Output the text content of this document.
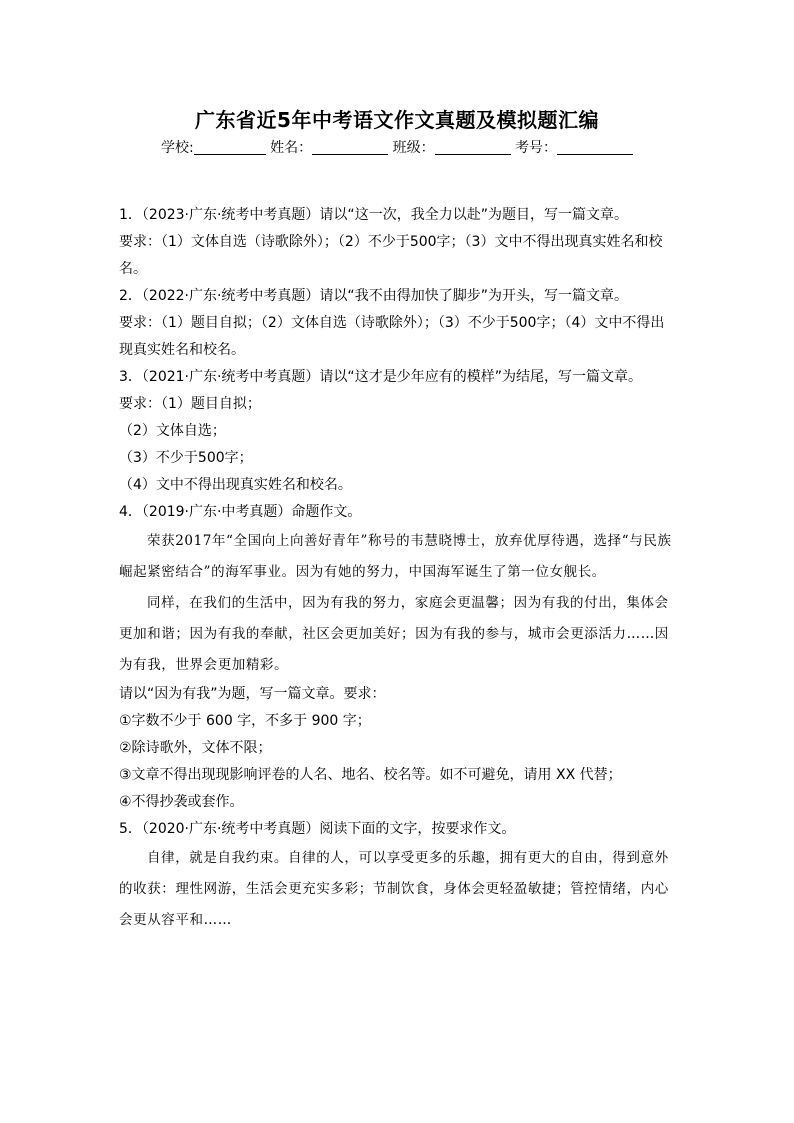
广东省近5年中考语文作文真题及模拟题汇编
学校:	姓名：	班级：	考号：

1．（2023·广东·统考中考真题）请以“这一次，我全力以赴”为题目，写一篇文章。

要求：（1）文体自选（诗歌除外）；（2）不少于500字；（3）文中不得出现真实姓名和校名。

2．（2022·广东·统考中考真题）请以“我不由得加快了脚步”为开头，写一篇文章。

要求：（1）题目自拟；（2）文体自选（诗歌除外）；（3）不少于500字；（4）文中不得出现真实姓名和校名。

3．（2021·广东·统考中考真题）请以“这才是少年应有的模样”为结尾，写一篇文章。

要求：（1）题目自拟；

（2）文体自选；

（3）不少于500字；

（4）文中不得出现真实姓名和校名。

4．（2019·广东·中考真题）命题作文。

荣获2017年“全国向上向善好青年”称号的韦慧晓博士，放弃优厚待遇，选择“与民族崛起紧密结合”的海军事业。因为有她的努力，中国海军诞生了第一位女舰长。

同样，在我们的生活中，因为有我的努力，家庭会更温馨；因为有我的付出，集体会更加和谐；因为有我的奉献，社区会更加美好；因为有我的参与，城市会更添活力……因为有我，世界会更加精彩。

请以“因为有我”为题，写一篇文章。要求：

①字数不少于 600 字，不多于 900 字；

②除诗歌外，文体不限；

③文章不得出现现影响评卷的人名、地名、校名等。如不可避免，请用 XX 代替；

④不得抄袭或套作。

5．（2020·广东·统考中考真题）阅读下面的文字，按要求作文。

自律，就是自我约束。自律的人，可以享受更多的乐趣，拥有更大的自由，得到意外的收获：理性网游，生活会更充实多彩；节制饮食，身体会更轻盈敏捷；管控情绪，内心会更从容平和……
